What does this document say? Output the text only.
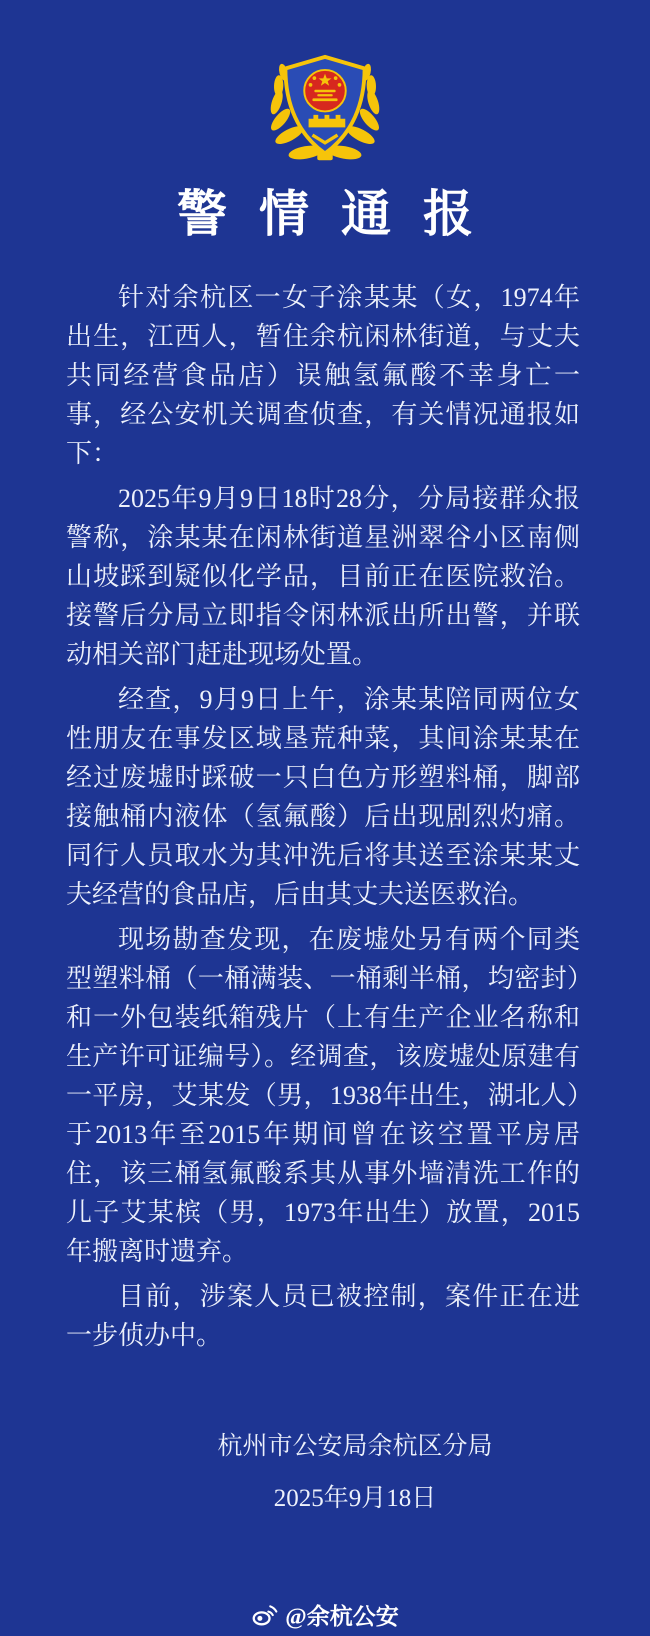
警情通报

针对余杭区一女子涂某某（女，1974年出生，江西人，暂住余杭闲林街道，与丈夫共同经营食品店）误触氢氟酸不幸身亡一事，经公安机关调查侦查，有关情况通报如下：

2025年9月9日18时28分，分局接群众报警称，涂某某在闲林街道星洲翠谷小区南侧山坡踩到疑似化学品，目前正在医院救治。接警后分局立即指令闲林派出所出警，并联动相关部门赶赴现场处置。

经查，9月9日上午，涂某某陪同两位女性朋友在事发区域垦荒种菜，其间涂某某在经过废墟时踩破一只白色方形塑料桶，脚部接触桶内液体（氢氟酸）后出现剧烈灼痛。同行人员取水为其冲洗后将其送至涂某某丈夫经营的食品店，后由其丈夫送医救治。

现场勘查发现，在废墟处另有两个同类型塑料桶（一桶满装、一桶剩半桶，均密封）和一外包装纸箱残片（上有生产企业名称和生产许可证编号）。经调查，该废墟处原建有一平房，艾某发（男，1938年出生，湖北人）于2013年至2015年期间曾在该空置平房居住，该三桶氢氟酸系其从事外墙清洗工作的儿子艾某槟（男，1973年出生）放置，2015年搬离时遗弃。

目前，涉案人员已被控制，案件正在进一步侦办中。

杭州市公安局余杭区分局
2025年9月18日
@余杭公安
